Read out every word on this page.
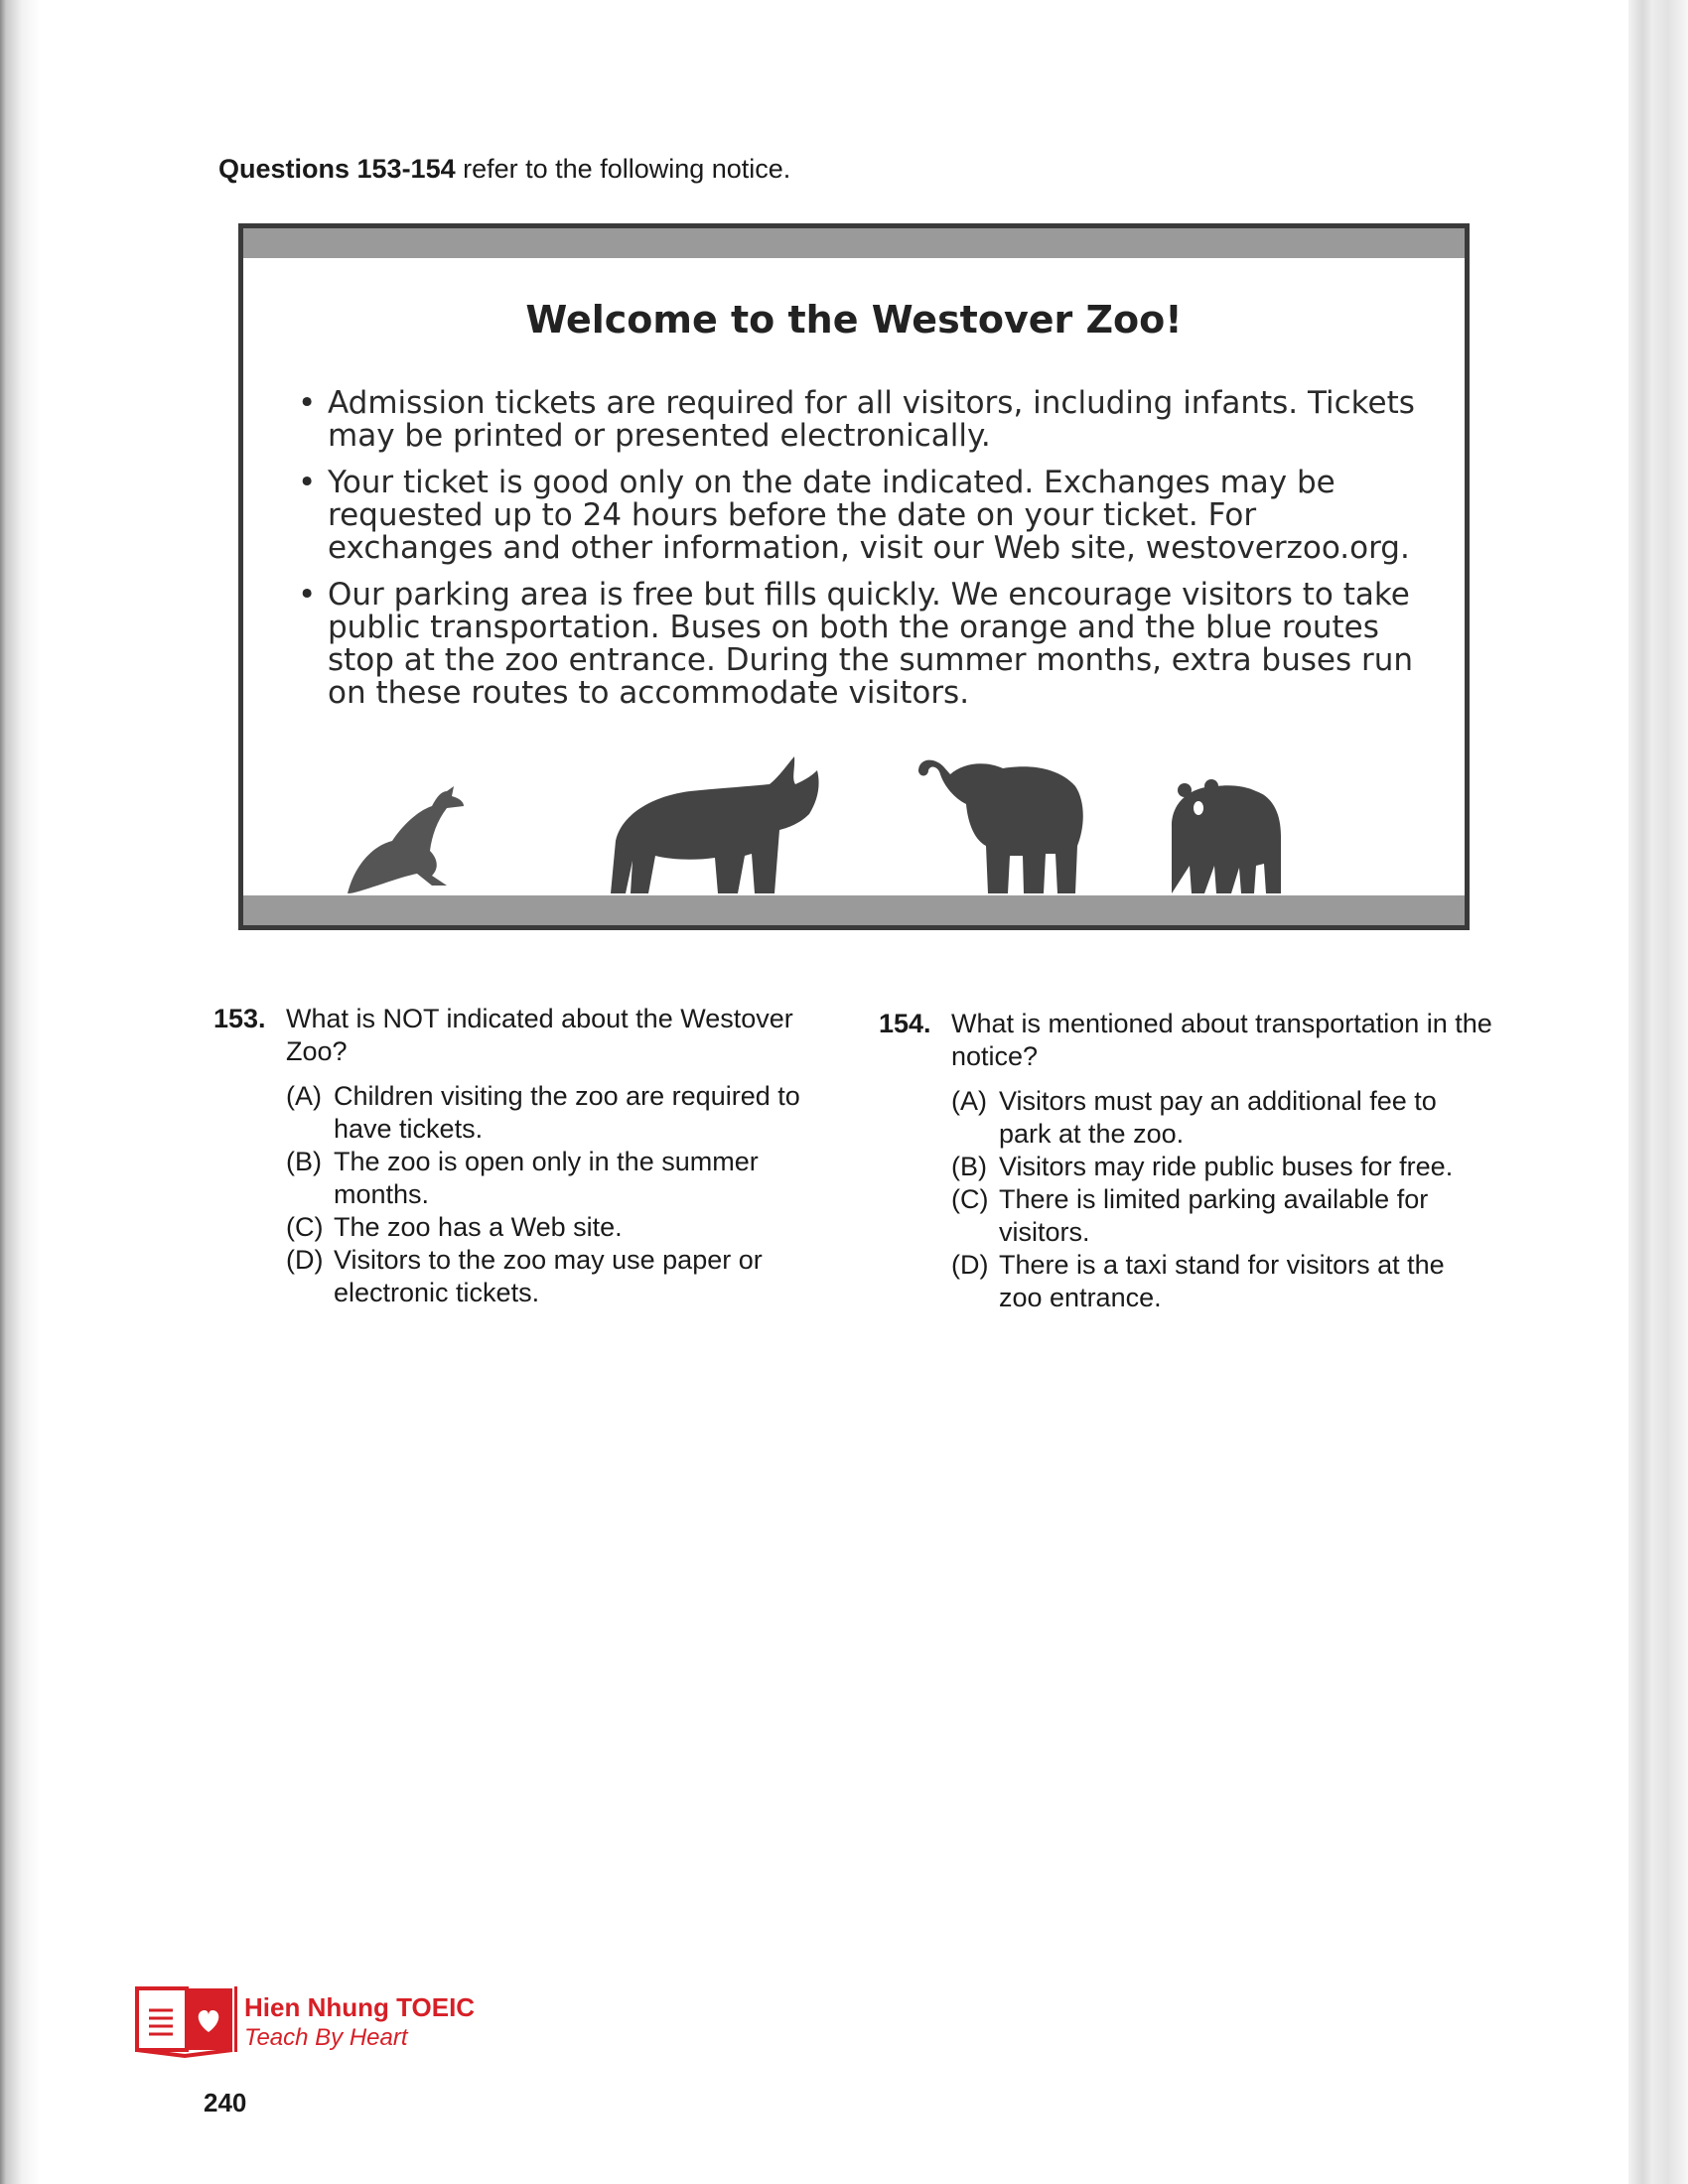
Questions 153-154 refer to the following notice.
Welcome to the Westover Zoo!
• Admission tickets are required for all visitors, including infants. Tickets may be printed or presented electronically.
• Your ticket is good only on the date indicated. Exchanges may be requested up to 24 hours before the date on your ticket. For exchanges and other information, visit our Web site, westoverzoo.org.
• Our parking area is free but fills quickly. We encourage visitors to take public transportation. Buses on both the orange and the blue routes stop at the zoo entrance. During the summer months, extra buses run on these routes to accommodate visitors.
153. What is NOT indicated about the Westover Zoo?
(A) Children visiting the zoo are required to have tickets.
(B) The zoo is open only in the summer months.
(C) The zoo has a Web site.
(D) Visitors to the zoo may use paper or electronic tickets.
154. What is mentioned about transportation in the notice?
(A) Visitors must pay an additional fee to park at the zoo.
(B) Visitors may ride public buses for free.
(C) There is limited parking available for visitors.
(D) There is a taxi stand for visitors at the zoo entrance.
Hien Nhung TOEIC
Teach By Heart
240
